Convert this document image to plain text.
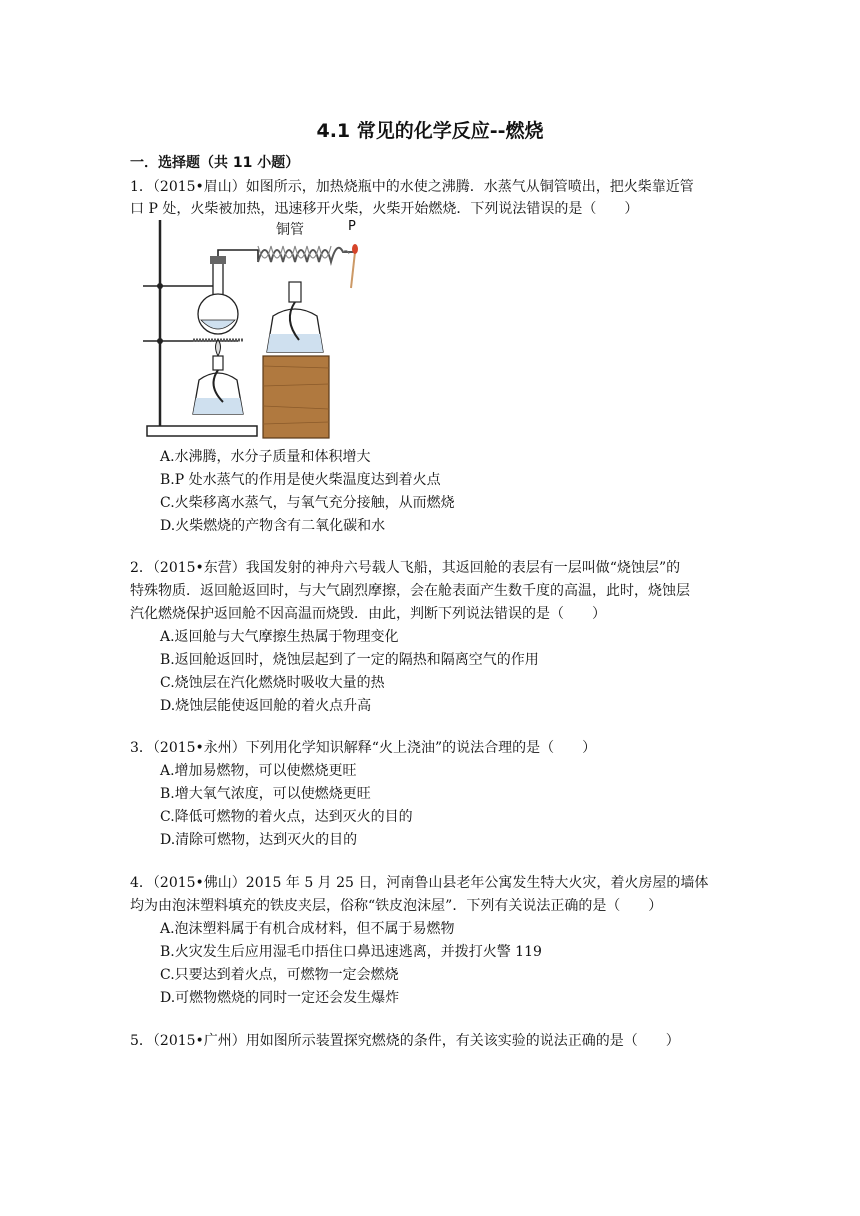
4.1 常见的化学反应--燃烧
一．选择题（共 11 小题）
1．（2015•眉山）如图所示，加热烧瓶中的水使之沸腾．水蒸气从铜管喷出，把火柴靠近管
口 P 处，火柴被加热，迅速移开火柴，火柴开始燃烧．下列说法错误的是（　　）
铜管	P
A.水沸腾，水分子质量和体积增大
B.P 处水蒸气的作用是使火柴温度达到着火点
C.火柴移离水蒸气，与氧气充分接触，从而燃烧
D.火柴燃烧的产物含有二氧化碳和水
2．（2015•东营）我国发射的神舟六号载人飞船，其返回舱的表层有一层叫做“烧蚀层”的
特殊物质．返回舱返回时，与大气剧烈摩擦，会在舱表面产生数千度的高温，此时，烧蚀层
汽化燃烧保护返回舱不因高温而烧毁．由此，判断下列说法错误的是（　　）
A.返回舱与大气摩擦生热属于物理变化
B.返回舱返回时，烧蚀层起到了一定的隔热和隔离空气的作用
C.烧蚀层在汽化燃烧时吸收大量的热
D.烧蚀层能使返回舱的着火点升高
3．（2015•永州）下列用化学知识解释“火上浇油”的说法合理的是（　　）
A.增加易燃物，可以使燃烧更旺
B.增大氧气浓度，可以使燃烧更旺
C.降低可燃物的着火点，达到灭火的目的
D.清除可燃物，达到灭火的目的
4．（2015•佛山）2015 年 5 月 25 日，河南鲁山县老年公寓发生特大火灾，着火房屋的墙体
均为由泡沫塑料填充的铁皮夹层，俗称“铁皮泡沫屋”．下列有关说法正确的是（　　）
A.泡沫塑料属于有机合成材料，但不属于易燃物
B.火灾发生后应用湿毛巾捂住口鼻迅速逃离，并拨打火警 119
C.只要达到着火点，可燃物一定会燃烧
D.可燃物燃烧的同时一定还会发生爆炸
5．（2015•广州）用如图所示装置探究燃烧的条件，有关该实验的说法正确的是（　　）
